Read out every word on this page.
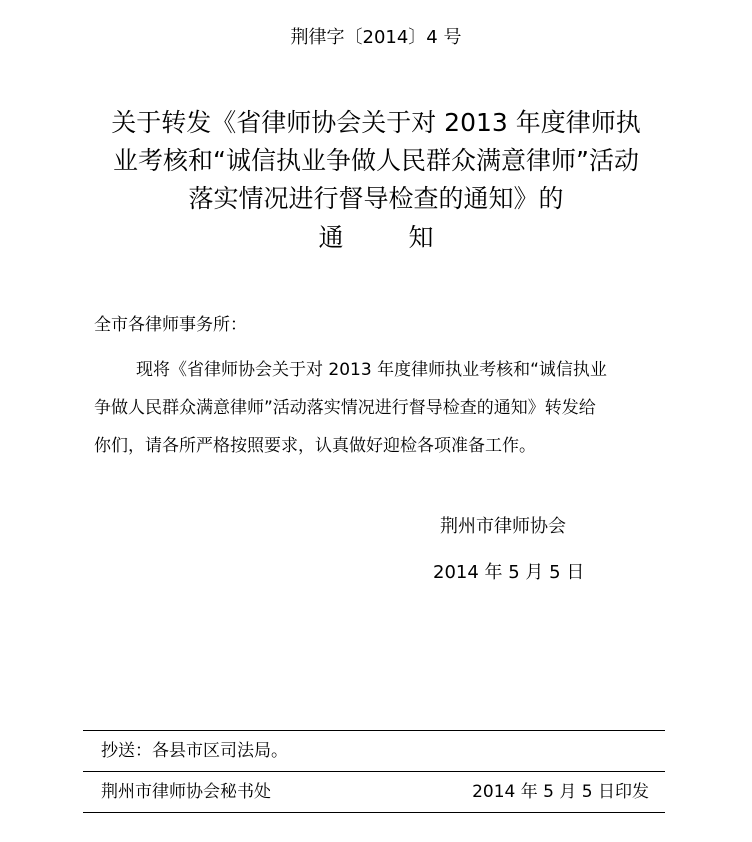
荆律字〔2014〕4 号
关于转发《省律师协会关于对 2013 年度律师执
业考核和“诚信执业争做人民群众满意律师”活动
落实情况进行督导检查的通知》的
通知
全市各律师事务所：
现将《省律师协会关于对 2013 年度律师执业考核和“诚信执业
争做人民群众满意律师”活动落实情况进行督导检查的通知》转发给
你们，请各所严格按照要求，认真做好迎检各项准备工作。
荆州市律师协会
2014 年 5 月 5 日
抄送：各县市区司法局。
荆州市律师协会秘书处	2014 年 5 月 5 日印发
